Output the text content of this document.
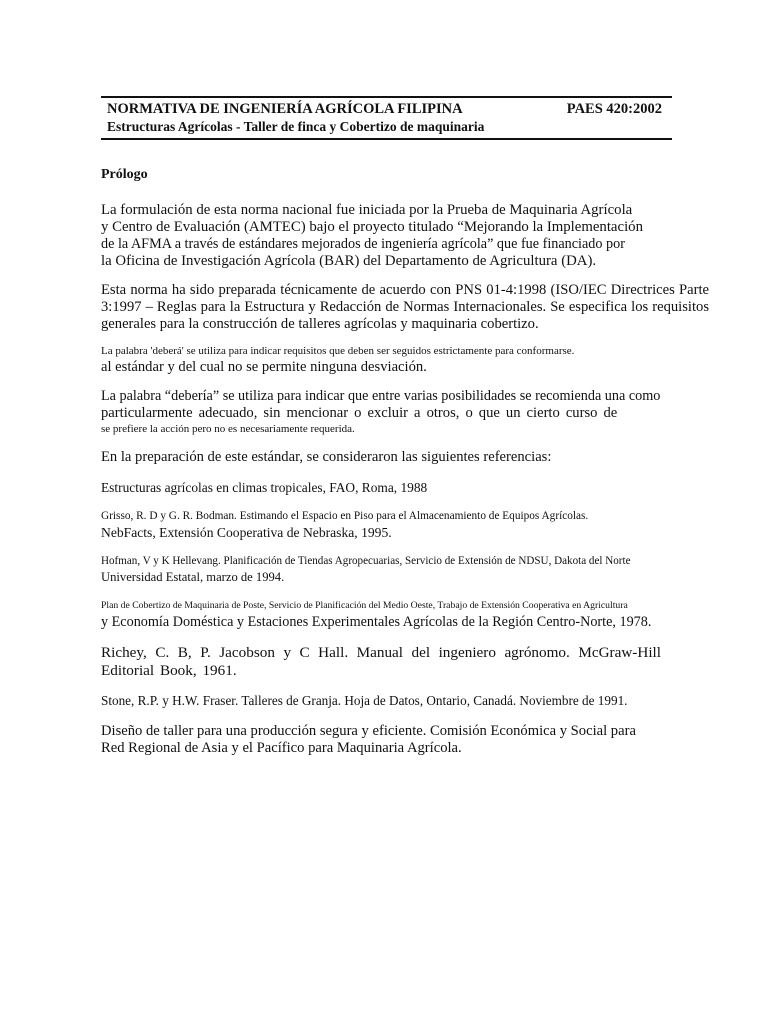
NORMATIVA DE INGENIERÍA AGRÍCOLA FILIPINA	PAES 420:2002
Estructuras Agrícolas - Taller de finca y Cobertizo de maquinaria

Prólogo

La formulación de esta norma nacional fue iniciada por la Prueba de Maquinaria Agrícola
y Centro de Evaluación (AMTEC) bajo el proyecto titulado “Mejorando la Implementación
de la AFMA a través de estándares mejorados de ingeniería agrícola” que fue financiado por
la Oficina de Investigación Agrícola (BAR) del Departamento de Agricultura (DA).

Esta norma ha sido preparada técnicamente de acuerdo con PNS 01-4:1998 (ISO/IEC Directrices Parte 3:1997 – Reglas para la Estructura y Redacción de Normas Internacionales. Se especifica los requisitos generales para la construcción de talleres agrícolas y maquinaria cobertizo.

La palabra 'deberá' se utiliza para indicar requisitos que deben ser seguidos estrictamente para conformarse.
al estándar y del cual no se permite ninguna desviación.

La palabra “debería” se utiliza para indicar que entre varias posibilidades se recomienda una como
particularmente adecuado, sin mencionar o excluir a otros, o que un cierto curso de
se prefiere la acción pero no es necesariamente requerida.

En la preparación de este estándar, se consideraron las siguientes referencias:

Estructuras agrícolas en climas tropicales, FAO, Roma, 1988

Grisso, R. D y G. R. Bodman. Estimando el Espacio en Piso para el Almacenamiento de Equipos Agrícolas.
NebFacts, Extensión Cooperativa de Nebraska, 1995.

Hofman, V y K Hellevang. Planificación de Tiendas Agropecuarias, Servicio de Extensión de NDSU, Dakota del Norte
Universidad Estatal, marzo de 1994.

Plan de Cobertizo de Maquinaria de Poste, Servicio de Planificación del Medio Oeste, Trabajo de Extensión Cooperativa en Agricultura
y Economía Doméstica y Estaciones Experimentales Agrícolas de la Región Centro-Norte, 1978.

Richey, C. B, P. Jacobson y C Hall. Manual del ingeniero agrónomo. McGraw-Hill Editorial Book, 1961.

Stone, R.P. y H.W. Fraser. Talleres de Granja. Hoja de Datos, Ontario, Canadá. Noviembre de 1991.

Diseño de taller para una producción segura y eficiente. Comisión Económica y Social para
Red Regional de Asia y el Pacífico para Maquinaria Agrícola.
